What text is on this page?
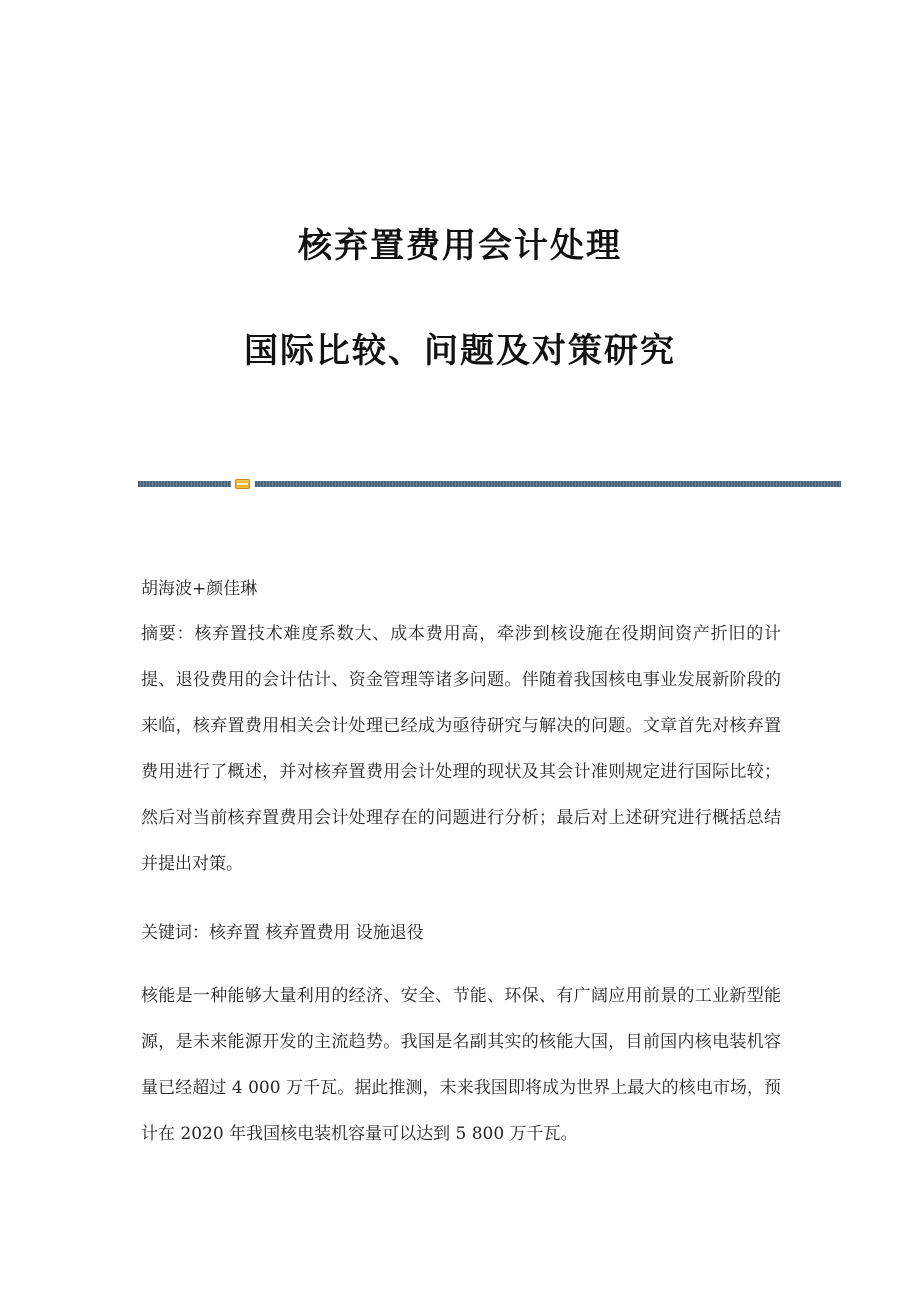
核弃置费用会计处理
国际比较、问题及对策研究

胡海波+颜佳琳

摘要：核弃置技术难度系数大、成本费用高，牵涉到核设施在役期间资产折旧的计提、退役费用的会计估计、资金管理等诸多问题。伴随着我国核电事业发展新阶段的来临，核弃置费用相关会计处理已经成为亟待研究与解决的问题。文章首先对核弃置费用进行了概述，并对核弃置费用会计处理的现状及其会计准则规定进行国际比较；然后对当前核弃置费用会计处理存在的问题进行分析；最后对上述研究进行概括总结并提出对策。

关键词：核弃置 核弃置费用 设施退役

核能是一种能够大量利用的经济、安全、节能、环保、有广阔应用前景的工业新型能源，是未来能源开发的主流趋势。我国是名副其实的核能大国，目前国内核电装机容量已经超过 4 000 万千瓦。据此推测，未来我国即将成为世界上最大的核电市场，预计在 2020 年我国核电装机容量可以达到 5 800 万千瓦。
